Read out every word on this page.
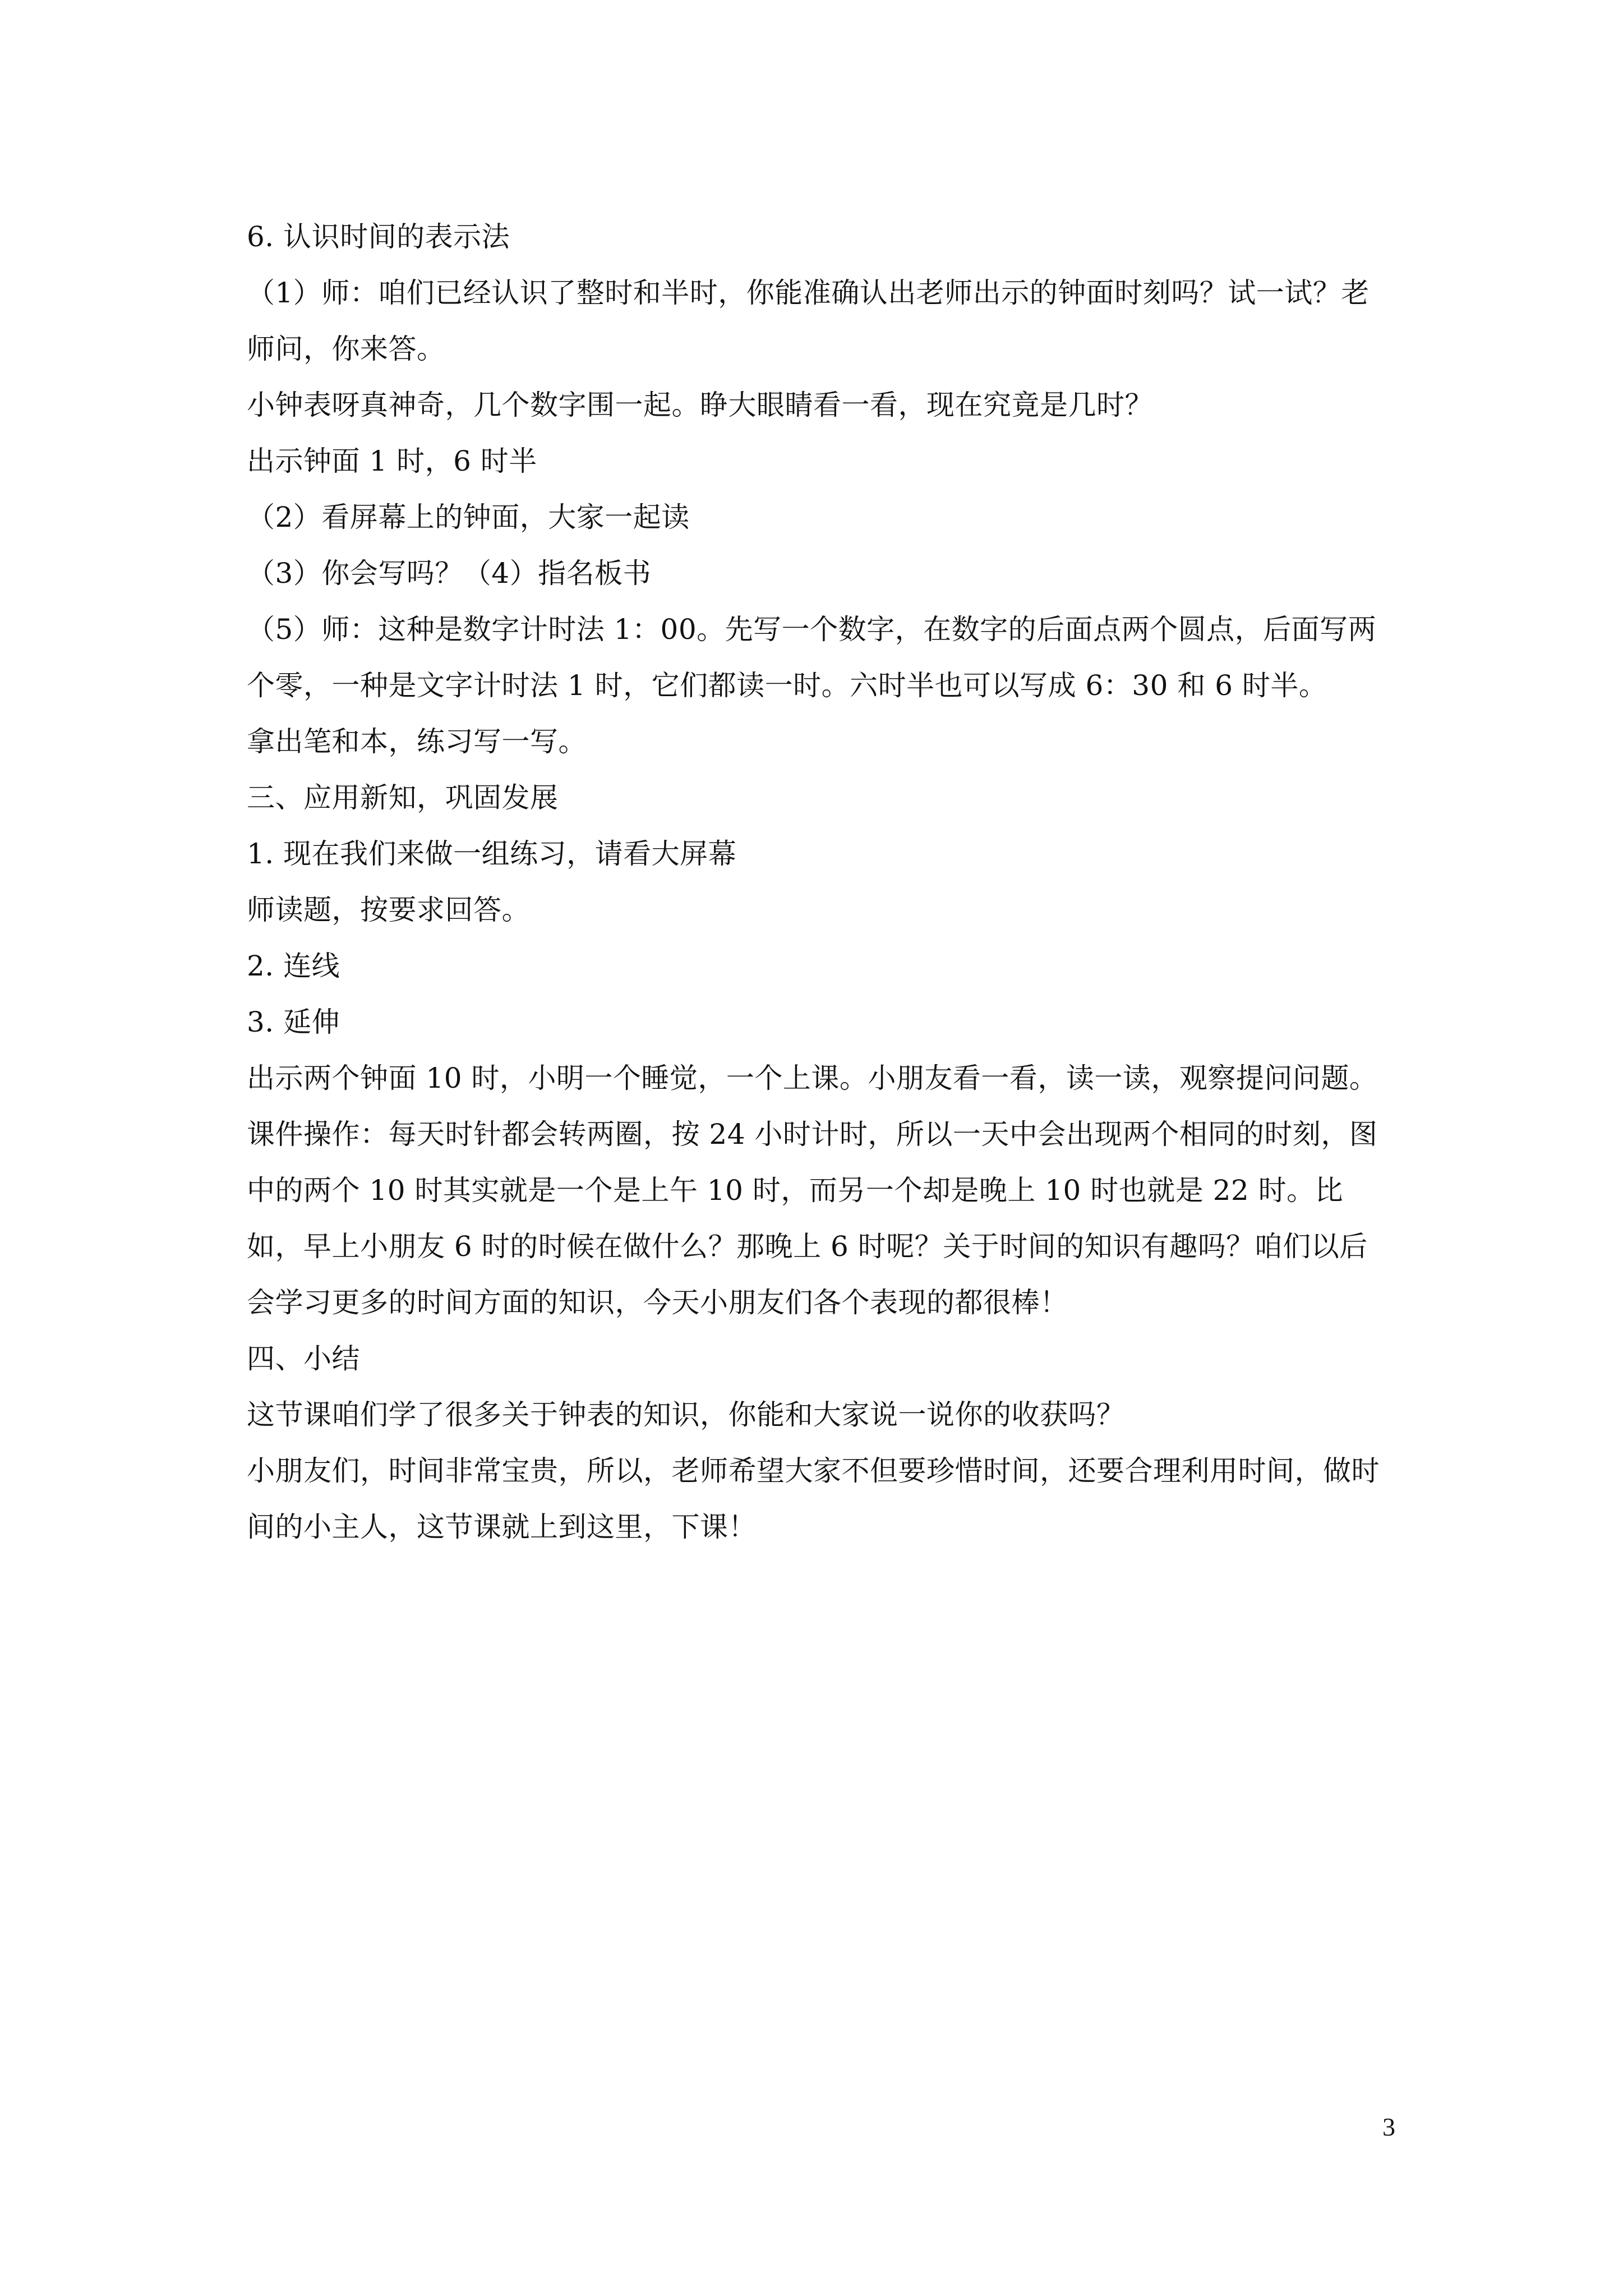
6. 认识时间的表示法

（1）师：咱们已经认识了整时和半时，你能准确认出老师出示的钟面时刻吗？试一试？老师问，你来答。

小钟表呀真神奇，几个数字围一起。睁大眼睛看一看，现在究竟是几时？

出示钟面 1 时，6 时半

（2）看屏幕上的钟面，大家一起读

（3）你会写吗？（4）指名板书

（5）师：这种是数字计时法 1：00。先写一个数字，在数字的后面点两个圆点，后面写两个零，一种是文字计时法 1 时，它们都读一时。六时半也可以写成 6：30 和 6 时半。

拿出笔和本，练习写一写。

三、应用新知，巩固发展

1. 现在我们来做一组练习，请看大屏幕

师读题，按要求回答。

2. 连线

3. 延伸

出示两个钟面 10 时，小明一个睡觉，一个上课。小朋友看一看，读一读，观察提问问题。

课件操作：每天时针都会转两圈，按 24 小时计时，所以一天中会出现两个相同的时刻，图中的两个 10 时其实就是一个是上午 10 时，而另一个却是晚上 10 时也就是 22 时。比如，早上小朋友 6 时的时候在做什么？那晚上 6 时呢？关于时间的知识有趣吗？咱们以后会学习更多的时间方面的知识，今天小朋友们各个表现的都很棒！

四、小结

这节课咱们学了很多关于钟表的知识，你能和大家说一说你的收获吗？

小朋友们，时间非常宝贵，所以，老师希望大家不但要珍惜时间，还要合理利用时间，做时间的小主人，这节课就上到这里，下课！

3
